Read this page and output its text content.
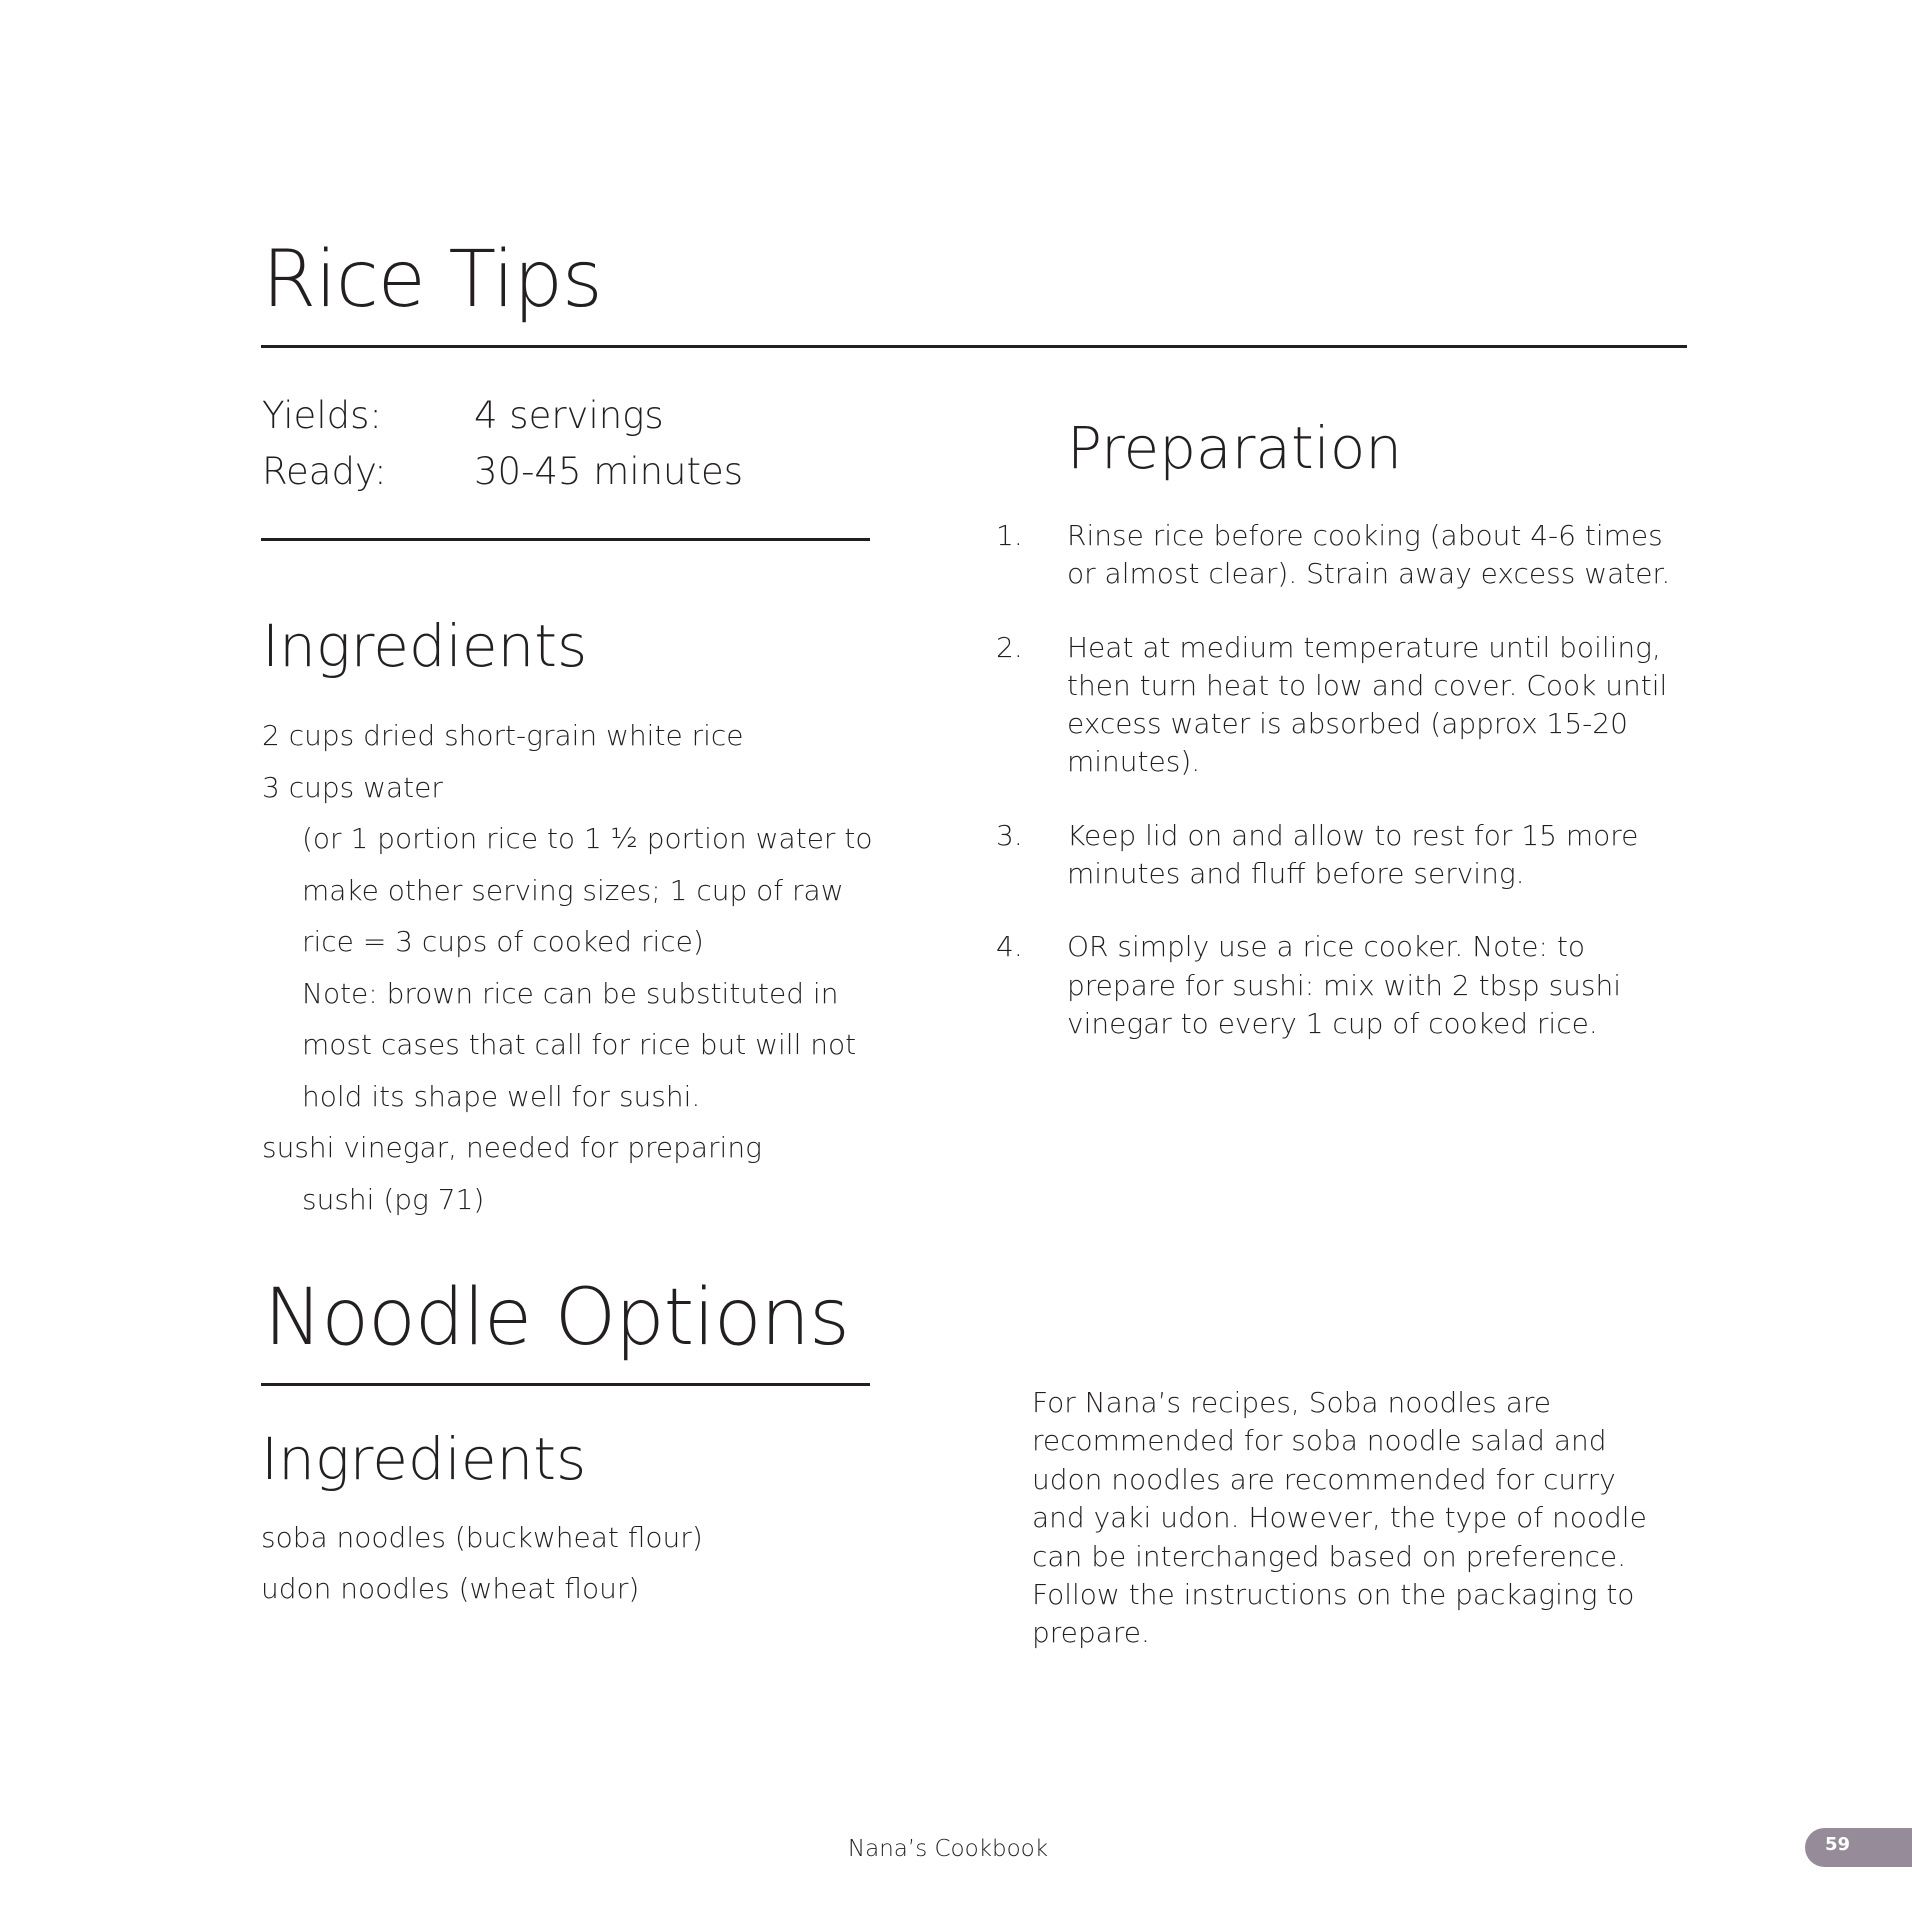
Rice Tips
Yields: 4 servings
Ready: 30-45 minutes
Ingredients
2 cups dried short-grain white rice
3 cups water
(or 1 portion rice to 1 ½ portion water to
make other serving sizes; 1 cup of raw
rice = 3 cups of cooked rice)
Note: brown rice can be substituted in
most cases that call for rice but will not
hold its shape well for sushi.
sushi vinegar, needed for preparing
sushi (pg 71)
Preparation
1. Rinse rice before cooking (about 4-6 times or almost clear). Strain away excess water.
2. Heat at medium temperature until boiling, then turn heat to low and cover. Cook until excess water is absorbed (approx 15-20 minutes).
3. Keep lid on and allow to rest for 15 more minutes and fluff before serving.
4. OR simply use a rice cooker. Note: to prepare for sushi: mix with 2 tbsp sushi vinegar to every 1 cup of cooked rice.
Noodle Options
Ingredients
soba noodles (buckwheat flour)
udon noodles (wheat flour)

For Nana’s recipes, Soba noodles are recommended for soba noodle salad and udon noodles are recommended for curry and yaki udon. However, the type of noodle can be interchanged based on preference. Follow the instructions on the packaging to prepare.

Nana’s Cookbook	59
